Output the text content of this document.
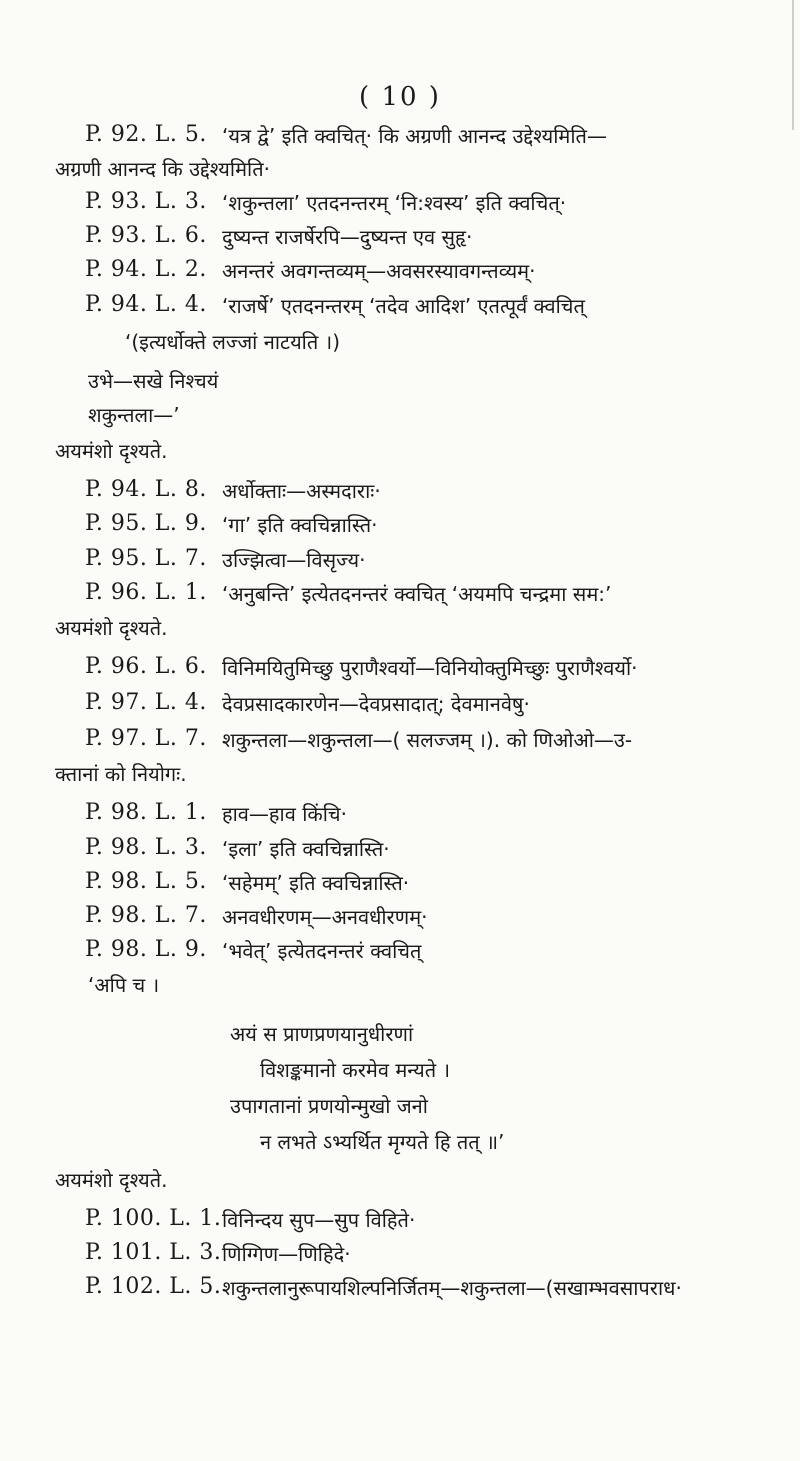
( 10 )
P. 92. L. 5. ‘यत्र द्वे’ इति क्वचित्‌· कि अग्रणी आनन्द उद्देश्यमिति—
अग्रणी आनन्द कि उद्देश्यमिति·
P. 93. L. 3. ‘शकुन्तला’ एतदनन्तरम्‌ ‘नि:श्वस्य’ इति क्वचित्‌·
P. 93. L. 6. दुष्यन्त राजर्षेरपि—दुष्यन्त एव सुहृ·
P. 94. L. 2. अनन्तरं अवगन्तव्यम्‌—अवसरस्यावगन्तव्यम्‌·
P. 94. L. 4. ‘राजर्षे’ एतदनन्तरम्‌ ‘तदेव आदिश’ एतत्पूर्वं क्वचित्‌
‘(इत्यर्धोक्ते लज्जां नाटयति ।)
उभे—सखे निश्चयं
शकुन्तला—’
अयमंशो दृश्यते.
P. 94. L. 8. अर्धोक्ताः—अस्मदाराः·
P. 95. L. 9. ‘गा’ इति क्वचिन्नास्ति·
P. 95. L. 7. उज्झित्वा—विसृज्य·
P. 96. L. 1. ‘अनुबन्ति’ इत्येतदनन्तरं क्वचित्‌ ‘अयमपि चन्द्रमा सम:’
अयमंशो दृश्यते.
P. 96. L. 6. विनिमयितुमिच्छु पुराणैश्वर्यो—विनियोक्तुमिच्छुः पुराणैश्वर्यो·
P. 97. L. 4. देवप्रसादकारणेन—देवप्रसादात्‌; देवमानवेषु·
P. 97. L. 7. शकुन्तला—शकुन्तला—( सलज्जम्‌ ।). को णिओओ—उ-
क्तानां को नियोगः.
P. 98. L. 1. हाव—हाव किंचि·
P. 98. L. 3. ‘इला’ इति क्वचिन्नास्ति·
P. 98. L. 5. ‘सहेमम्‌’ इति क्वचिन्नास्ति·
P. 98. L. 7. अनवधीरणम्‌—अनवधीरणम्‌·
P. 98. L. 9. ‘भवेत्‌’ इत्येतदनन्तरं क्वचित्‌
‘अपि च ।
अयं स प्राणप्रणयानुधीरणां
विशङ्कमानो करमेव मन्यते ।
उपागतानां प्रणयोन्मुखो जनो
न लभते ऽभ्यर्थित मृग्यते हि तत्‌ ॥’
अयमंशो दृश्यते.
P. 100. L. 1. विनिन्दय सुप—सुप विहिते·
P. 101. L. 3. णिग्गिण—णिहिदे·
P. 102. L. 5. शकुन्तलानुरूपायशिल्पनिर्जितम्‌—शकुन्तला—(सखाम्भवसापराध·
